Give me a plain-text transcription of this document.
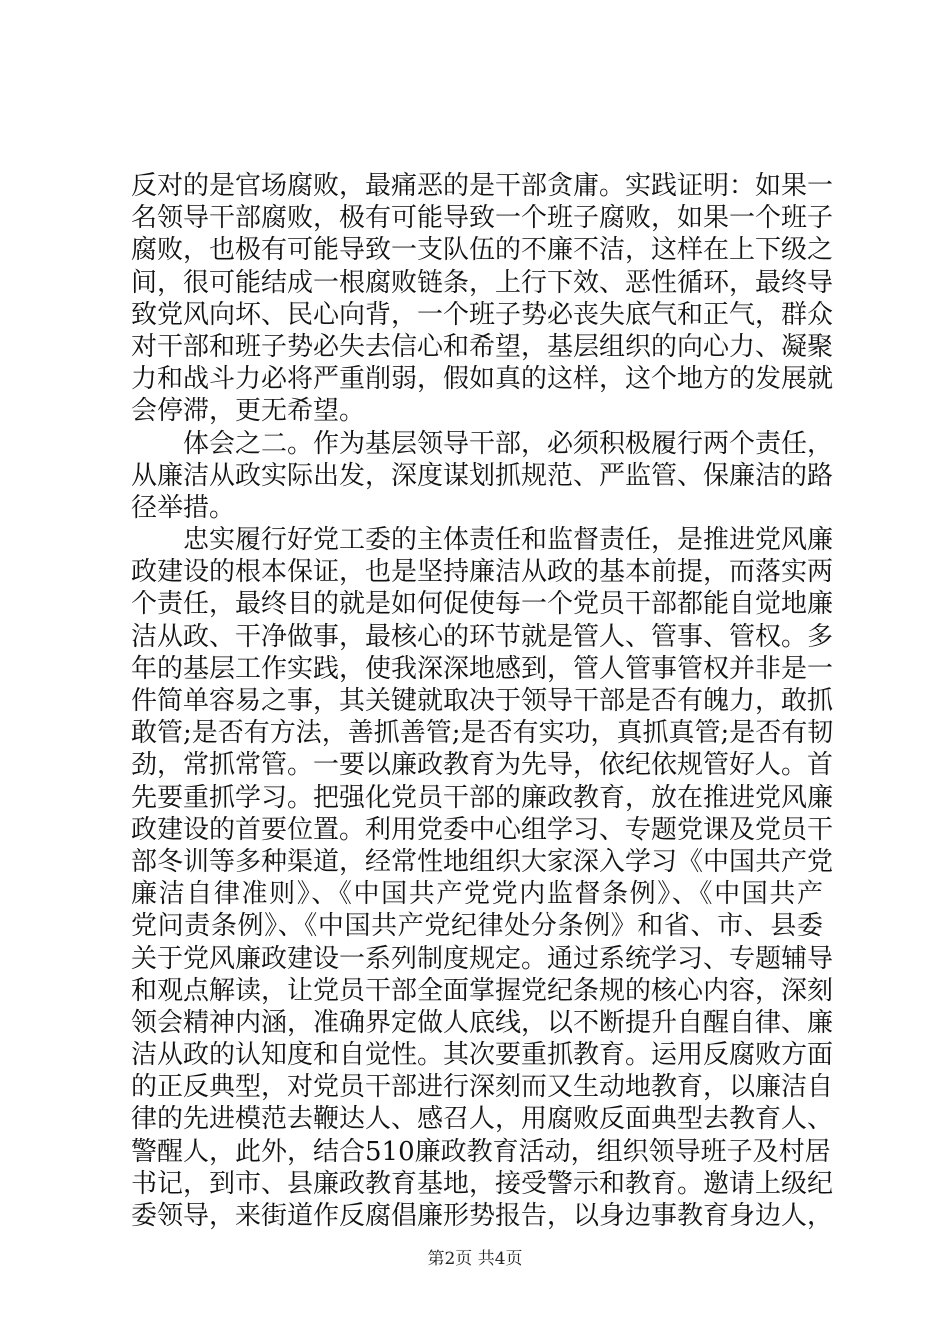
反对的是官场腐败，最痛恶的是干部贪庸。实践证明：如果一
名领导干部腐败，极有可能导致一个班子腐败，如果一个班子
腐败，也极有可能导致一支队伍的不廉不洁，这样在上下级之
间，很可能结成一根腐败链条，上行下效、恶性循环，最终导
致党风向坏、民心向背，一个班子势必丧失底气和正气，群众
对干部和班子势必失去信心和希望，基层组织的向心力、凝聚
力和战斗力必将严重削弱，假如真的这样，这个地方的发展就
会停滞，更无希望。
体会之二。作为基层领导干部，必须积极履行两个责任，
从廉洁从政实际出发，深度谋划抓规范、严监管、保廉洁的路
径举措。
忠实履行好党工委的主体责任和监督责任，是推进党风廉
政建设的根本保证，也是坚持廉洁从政的基本前提，而落实两
个责任，最终目的就是如何促使每一个党员干部都能自觉地廉
洁从政、干净做事，最核心的环节就是管人、管事、管权。多
年的基层工作实践，使我深深地感到，管人管事管权并非是一
件简单容易之事，其关键就取决于领导干部是否有魄力，敢抓
敢管;是否有方法，善抓善管;是否有实功，真抓真管;是否有韧
劲，常抓常管。一要以廉政教育为先导，依纪依规管好人。首
先要重抓学习。把强化党员干部的廉政教育，放在推进党风廉
政建设的首要位置。利用党委中心组学习、专题党课及党员干
部冬训等多种渠道，经常性地组织大家深入学习《中国共产党
廉洁自律准则》、《中国共产党党内监督条例》、《中国共产
党问责条例》、《中国共产党纪律处分条例》和省、市、县委
关于党风廉政建设一系列制度规定。通过系统学习、专题辅导
和观点解读，让党员干部全面掌握党纪条规的核心内容，深刻
领会精神内涵，准确界定做人底线，以不断提升自醒自律、廉
洁从政的认知度和自觉性。其次要重抓教育。运用反腐败方面
的正反典型，对党员干部进行深刻而又生动地教育，以廉洁自
律的先进模范去鞭达人、感召人，用腐败反面典型去教育人、
警醒人，此外，结合510廉政教育活动，组织领导班子及村居
书记，到市、县廉政教育基地，接受警示和教育。邀请上级纪
委领导，来街道作反腐倡廉形势报告，以身边事教育身边人，
第2页 共4页
